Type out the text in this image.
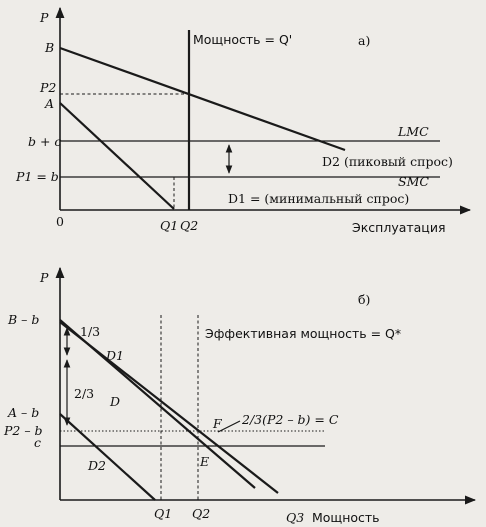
P
Эксплуатация
а)
B
P2
A
b + c
P1 = b
0	Q1 Q2
Мощность = Q'
LMC
SMC
D2 (пиковый спрос)
D1 = (минимальный спрос)
P
б)
Мощность
B – b
A – b
P2 – b
c
D1
D
D2
1/3
2/3
Эффективная мощность = Q*
F
E
2/3(P2 – b) = C
Q1 Q2	Q3
